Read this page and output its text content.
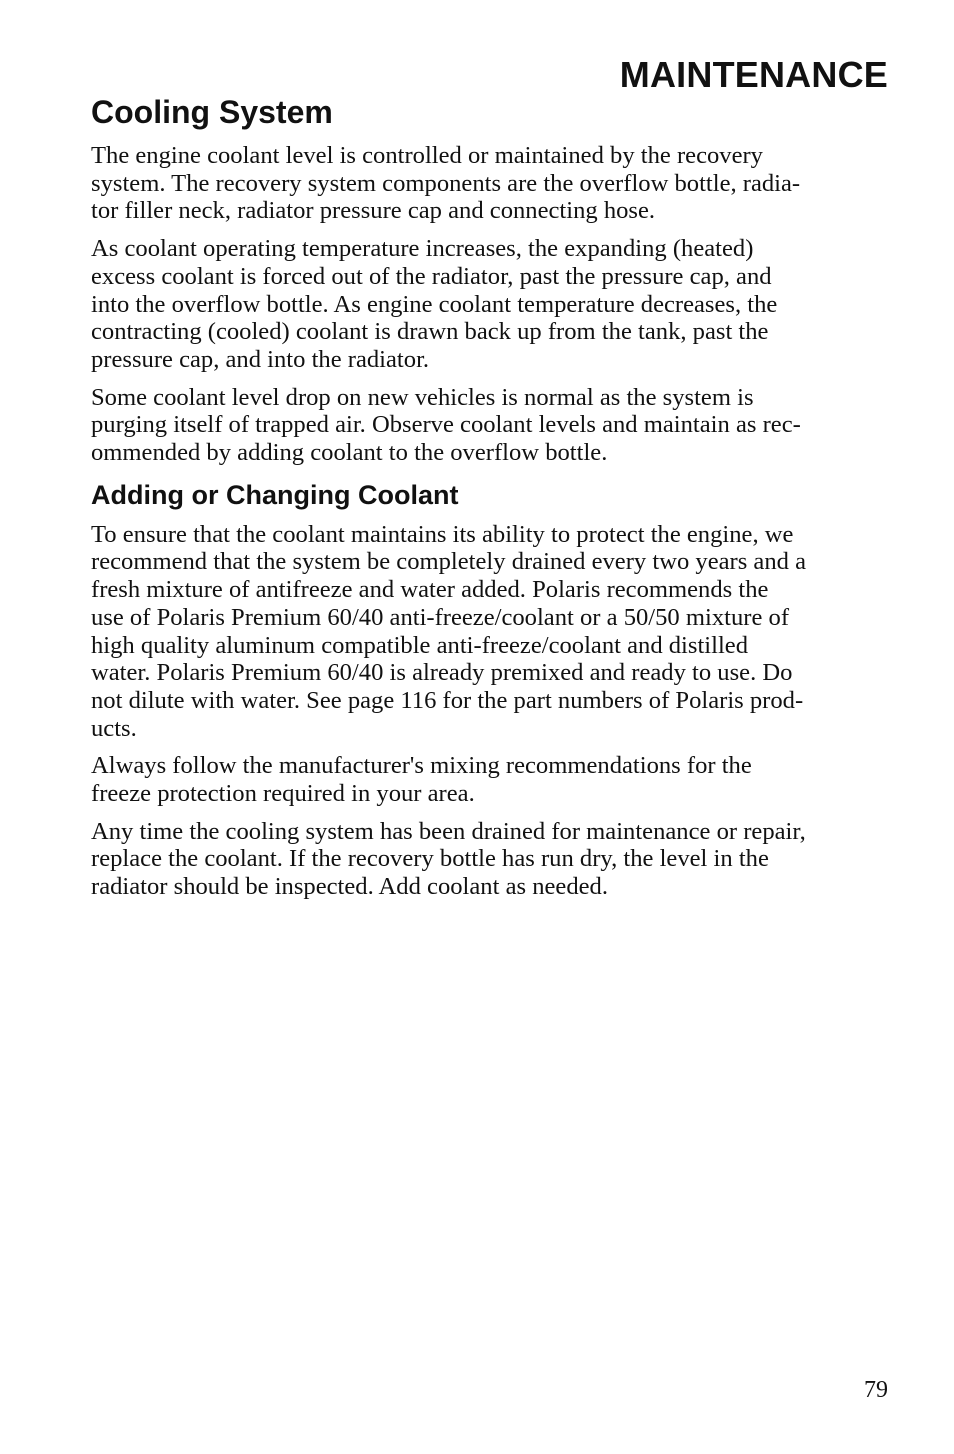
MAINTENANCE
Cooling System

The engine coolant level is controlled or maintained by the recovery
system. The recovery system components are the overflow bottle, radia-
tor filler neck, radiator pressure cap and connecting hose.

As coolant operating temperature increases, the expanding (heated)
excess coolant is forced out of the radiator, past the pressure cap, and
into the overflow bottle. As engine coolant temperature decreases, the
contracting (cooled) coolant is drawn back up from the tank, past the
pressure cap, and into the radiator.

Some coolant level drop on new vehicles is normal as the system is
purging itself of trapped air. Observe coolant levels and maintain as rec-
ommended by adding coolant to the overflow bottle.

Adding or Changing Coolant

To ensure that the coolant maintains its ability to protect the engine, we
recommend that the system be completely drained every two years and a
fresh mixture of antifreeze and water added. Polaris recommends the
use of Polaris Premium 60/40 anti-freeze/coolant or a 50/50 mixture of
high quality aluminum compatible anti-freeze/coolant and distilled
water. Polaris Premium 60/40 is already premixed and ready to use. Do
not dilute with water. See page 116 for the part numbers of Polaris prod-
ucts.

Always follow the manufacturer's mixing recommendations for the
freeze protection required in your area.

Any time the cooling system has been drained for maintenance or repair,
replace the coolant. If the recovery bottle has run dry, the level in the
radiator should be inspected. Add coolant as needed.

79
